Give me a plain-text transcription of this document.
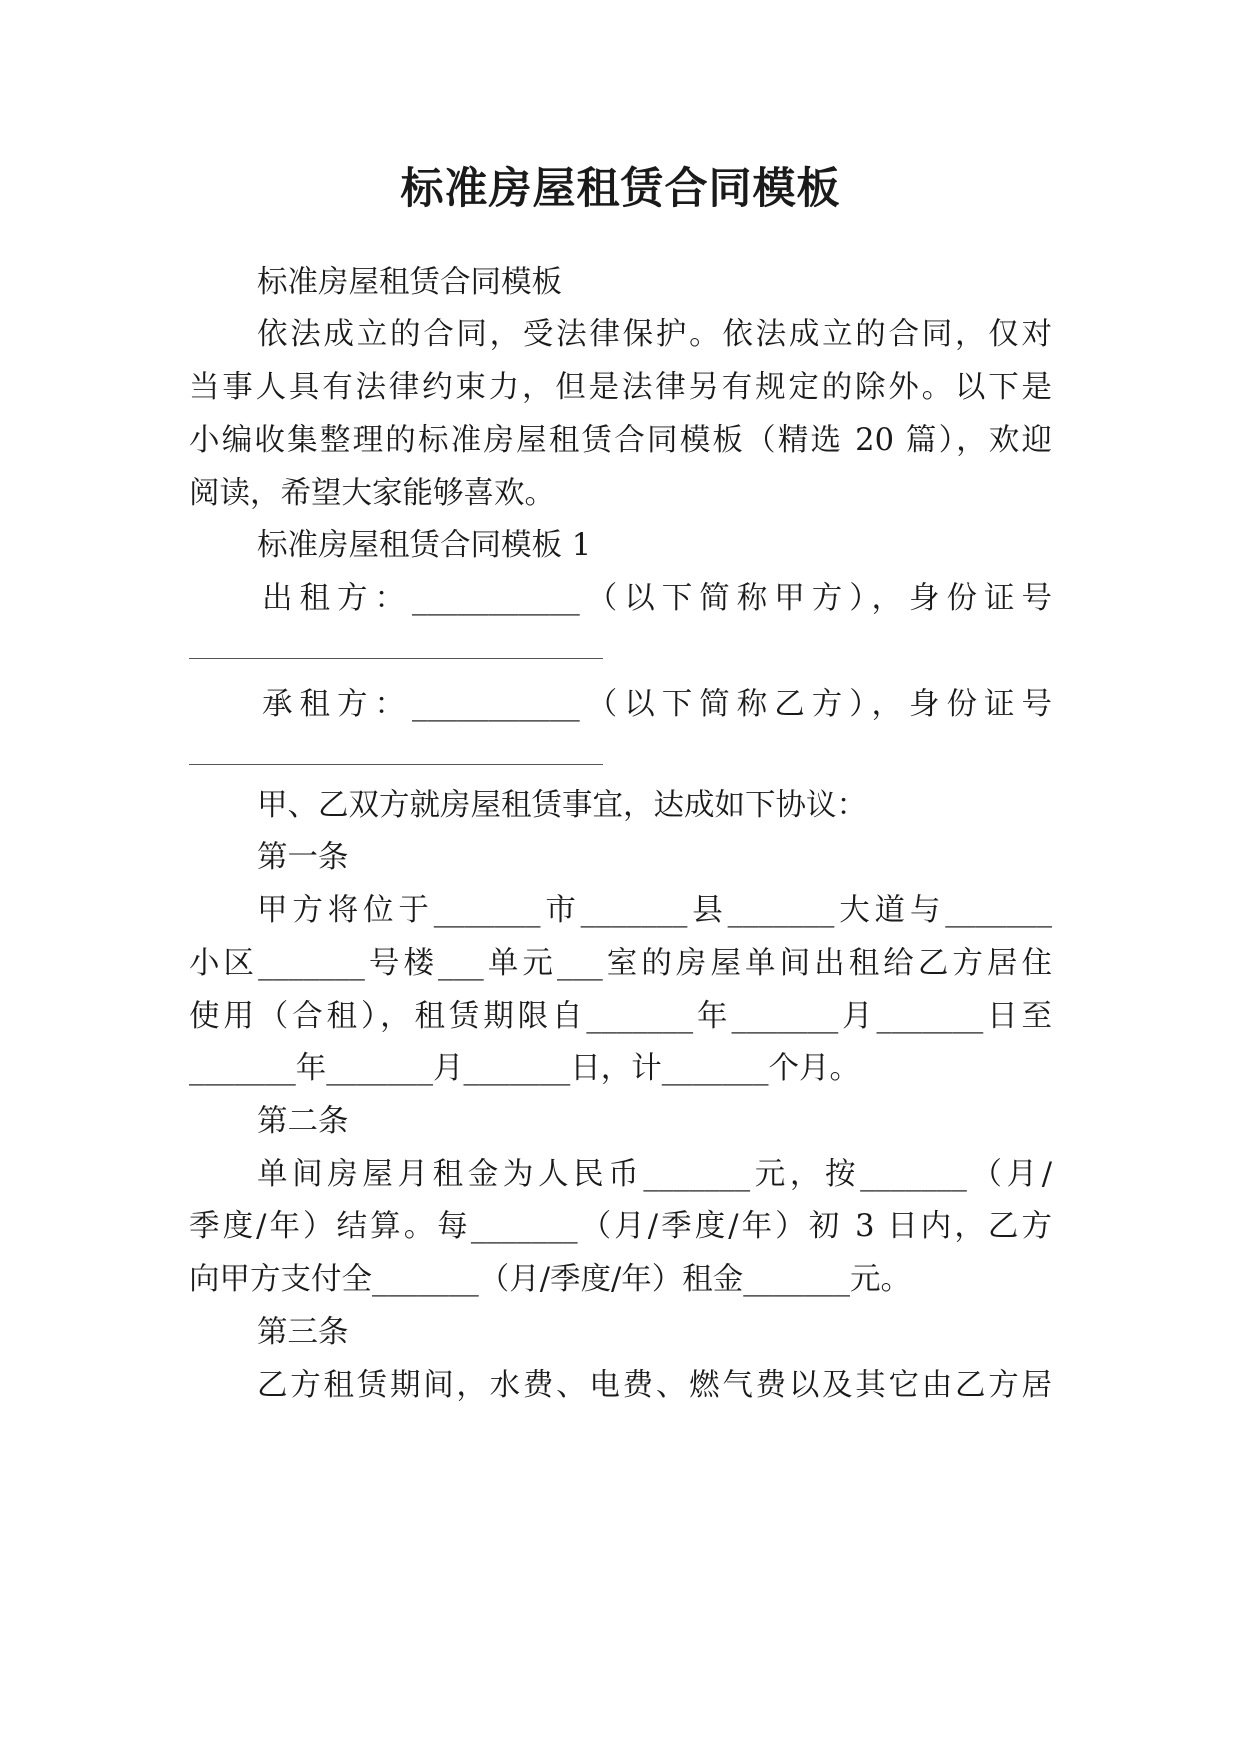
标准房屋租赁合同模板
标准房屋租赁合同模板
依法成立的合同，受法律保护。依法成立的合同，仅对
当事人具有法律约束力，但是法律另有规定的除外。以下是
小编收集整理的标准房屋租赁合同模板（精选 20 篇），欢迎
阅读，希望大家能够喜欢。
标准房屋租赁合同模板 1
出租方：___________（以下简称甲方），身份证号
承租方：___________（以下简称乙方），身份证号
甲、乙双方就房屋租赁事宜，达成如下协议：
第一条
甲方将位于_______市_______县_______大道与_______
小区_______号楼___单元___室的房屋单间出租给乙方居住
使用（合租），租赁期限自_______年_______月_______日至
_______年_______月_______日，计_______个月。
第二条
单间房屋月租金为人民币_______元，按_______（月/
季度/年）结算。每_______（月/季度/年）初 3 日内，乙方
向甲方支付全_______（月/季度/年）租金_______元。
第三条
乙方租赁期间，水费、电费、燃气费以及其它由乙方居
